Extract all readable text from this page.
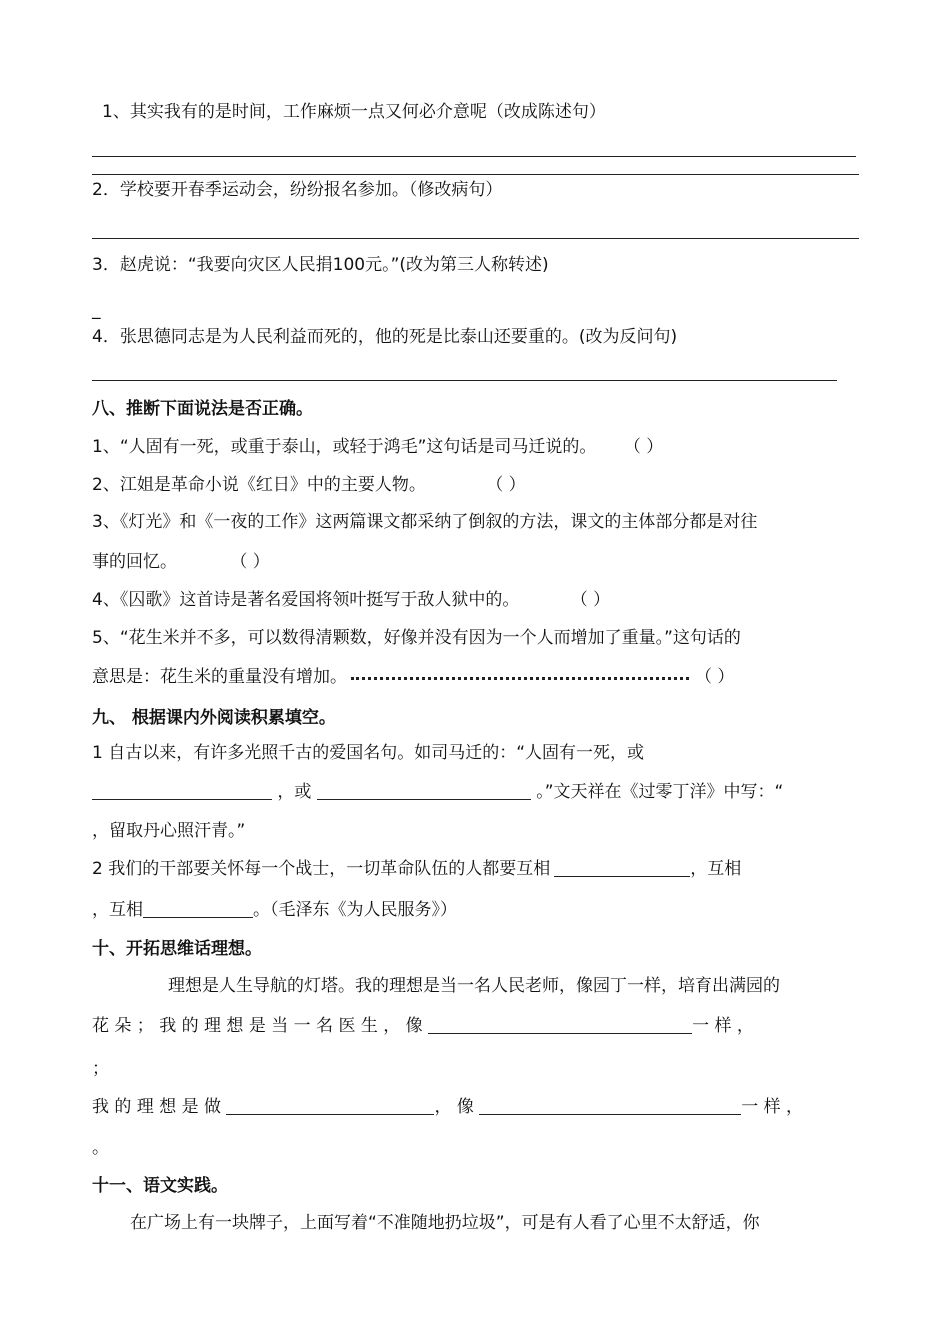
1、其实我有的是时间，工作麻烦一点又何必介意呢（改成陈述句）
2．学校要开春季运动会，纷纷报名参加。（修改病句）
3．赵虎说：“我要向灾区人民捐100元。”(改为第三人称转述)
_
4．张思德同志是为人民利益而死的，他的死是比泰山还要重的。(改为反问句)
八、推断下面说法是否正确。
1、“人固有一死，或重于泰山，或轻于鸿毛”这句话是司马迁说的。 （ ）
2、江姐是革命小说《红日》中的主要人物。	（ ）
3、《灯光》和《一夜的工作》这两篇课文都采纳了倒叙的方法，课文的主体部分都是对往
事的回忆。	（ ）
4、《囚歌》这首诗是著名爱国将领叶挺写于敌人狱中的。	（ ）
5、“花生米并不多，可以数得清颗数，好像并没有因为一个人而增加了重量。”这句话的
意思是：花生米的重量没有增加。	（ ）
九、 根据课内外阅读积累填空。
1 自古以来，有许多光照千古的爱国名句。如司马迁的：“人固有一死，或
，或	。”文天祥在《过零丁洋》中写：“
，留取丹心照汗青。”
2 我们的干部要关怀每一个战士，一切革命队伍的人都要互相	，互相
，互相	。（毛泽东《为人民服务》）
十、开拓思维话理想。
理想是人生导航的灯塔。我的理想是当一名人民老师，像园丁一样，培育出满园的
花 朵 ； 我 的 理 想 是 当 一 名 医 生 ， 像	一 样 ，
；
我 的 理 想 是 做	， 像	一 样 ，
。
十一、语文实践。
在广场上有一块牌子，上面写着“不准随地扔垃圾”，可是有人看了心里不太舒适，你
